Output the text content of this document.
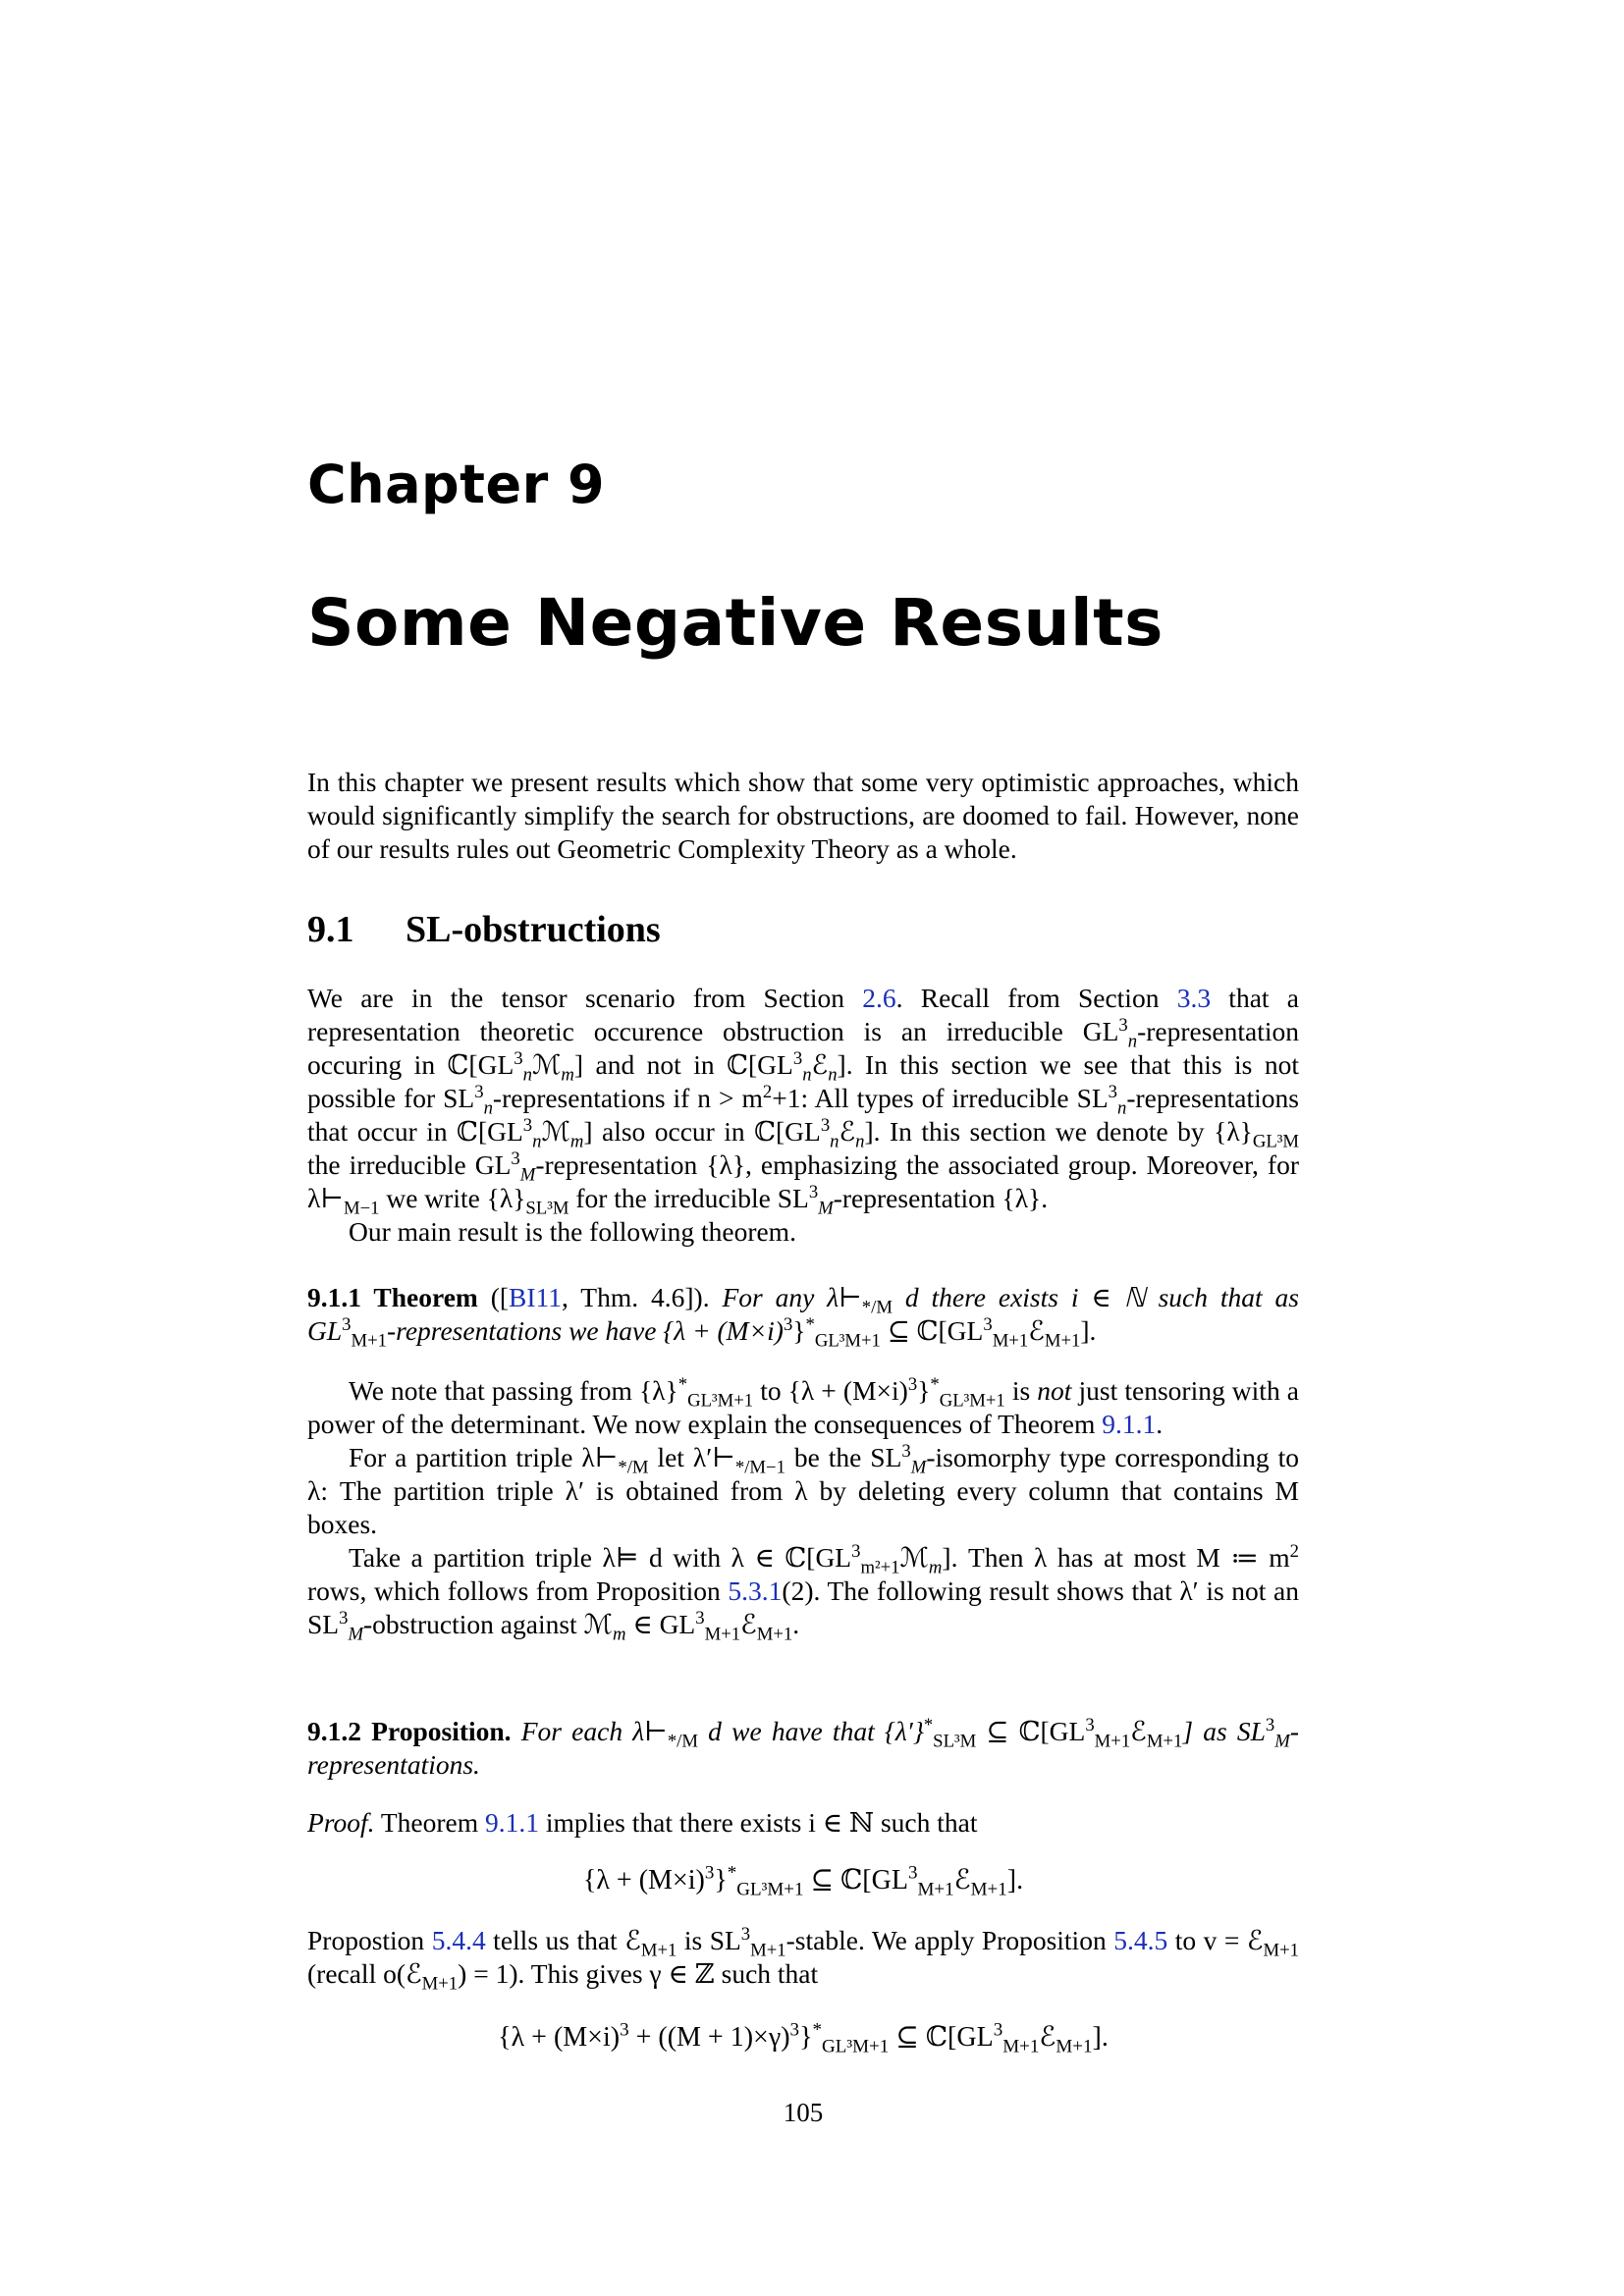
Chapter 9
Some Negative Results
In this chapter we present results which show that some very optimistic approaches, which would significantly simplify the search for obstructions, are doomed to fail. However, none of our results rules out Geometric Complexity Theory as a whole.
9.1 SL-obstructions

We are in the tensor scenario from Section 2.6. Recall from Section 3.3 that a representation theoretic occurence obstruction is an irreducible $GL^3_n$-representation occuring in $ℂ[GL^3_nℳ_m]$ and not in $ℂ[GL^3_nℰ_n]$. In this section we see that this is not possible for $SL^3_n$-representations if $n > m^2+1$: All types of irreducible $SL^3_n$-representations that occur in $ℂ[GL^3_nℳ_m]$ also occur in $ℂ[GL^3_nℰ_n]$. In this section we denote by $\{\lambda\}_{GL^3M}$ the irreducible $GL^3_M$-representation {λ}, emphasizing the associated group. Moreover, for $\lambda⊢_{M-1}$ we write $\{\lambda\}_{SL^3M}$ for the irreducible $SL^3_M$-representation {λ}.

Our main result is the following theorem.

9.1.1 Theorem ([BI11, Thm. 4.6]). For any $\lambda⊢_{*/M}$ d there exists i ∈ ℕ such that as $GL^3_{M+1}$-representations we have $\{\lambda + (M\times i)^3\}^*_{GL^3M+1}$ ⊆ $ℂ[GL^3_{M+1}ℰ_{M+1}]$.

We note that passing from $\{\lambda\}^*_{GL^3M+1}$ to $\{\lambda + (M\times i)^3\}^*_{GL^3M+1}$ is not just tensoring with a power of the determinant. We now explain the consequences of Theorem 9.1.1.

For a partition triple $\lambda⊢_{*/M}$ let $\lambda'⊢_{*/M-1}$ be the $SL^3_M$-isomorphy type corresponding to λ: The partition triple λ′ is obtained from λ by deleting every column that contains M boxes.

Take a partition triple λ⊨ d with λ ∈ $ℂ[GL^3_{m^2+1}ℳ_m]$. Then λ has at most M ≔ $m^2$ rows, which follows from Proposition 5.3.1(2). The following result shows that λ′ is not an $SL^3_M$-obstruction against ℳ$_m$ ∈ $GL^3_{M+1}ℰ_{M+1}$.

9.1.2 Proposition. For each $\lambda⊢_{*/M}$ d we have that $\{\lambda'\}^*_{SL^3M}$ ⊆ $ℂ[GL^3_{M+1}ℰ_{M+1}]$ as $SL^3_M$-representations.

Proof. Theorem 9.1.1 implies that there exists i ∈ ℕ such that

$\{\lambda + (M\times i)^3\}^*_{GL^3M+1}$ ⊆ $ℂ[GL^3_{M+1}ℰ_{M+1}]$.

Propostion 5.4.4 tells us that ℰ$_{M+1}$ is $SL^3_{M+1}$-stable. We apply Proposition 5.4.5 to v = ℰ$_{M+1}$ (recall o(ℰ$_{M+1}$) = 1). This gives γ ∈ ℤ such that

$\{\lambda + (M\times i)^3 + ((M + 1)\times\gamma)^3\}^*_{GL^3M+1}$ ⊆ $ℂ[GL^3_{M+1}ℰ_{M+1}]$.
105
